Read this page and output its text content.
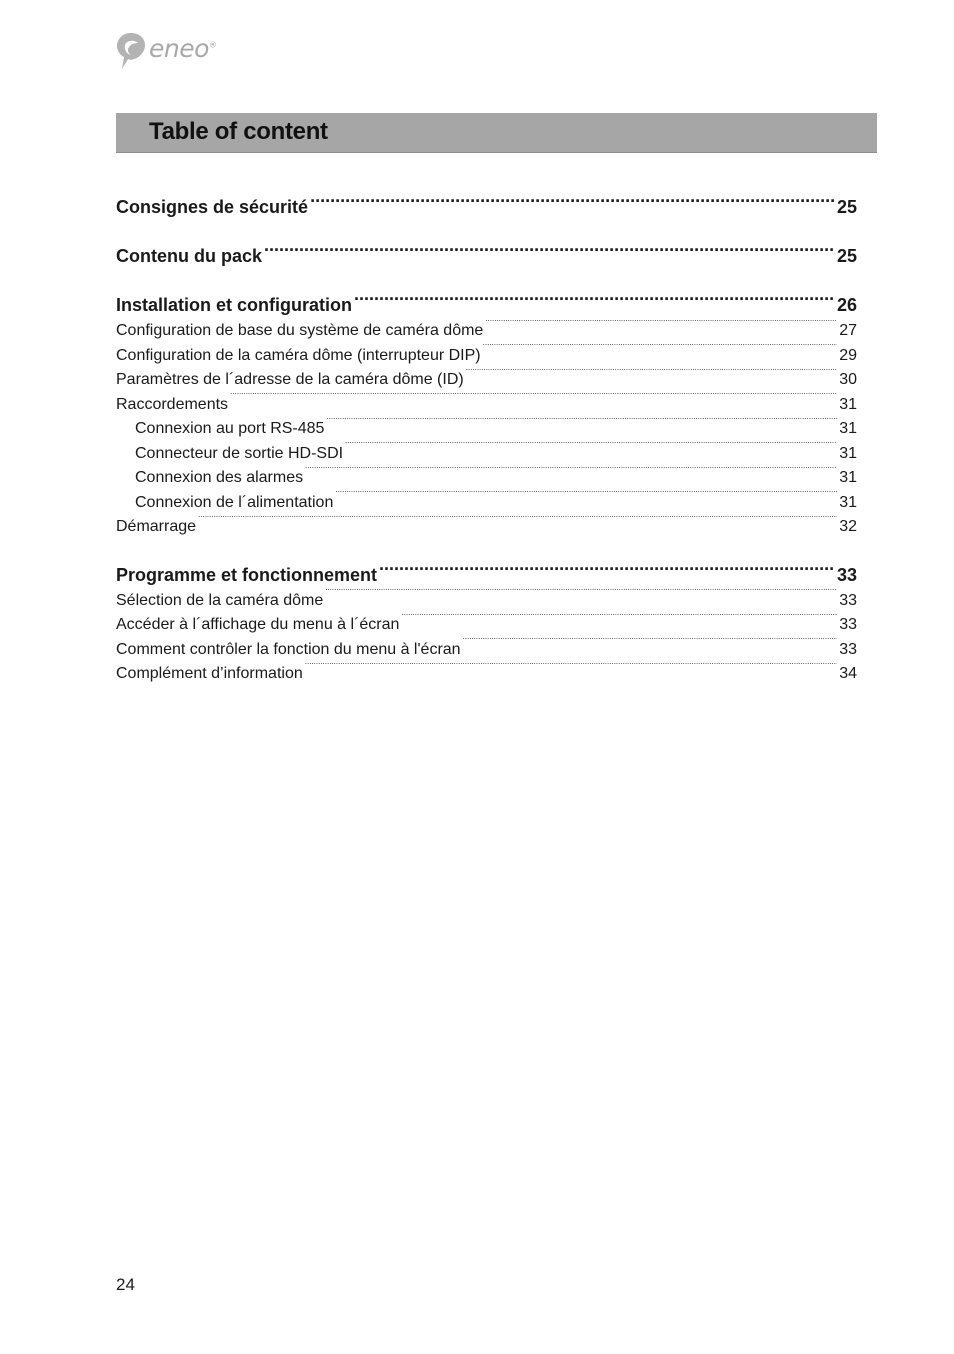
eneo®
Table of content
Consignes de sécurité .....	25
Contenu du pack .....	25
Installation et configuration .....	26
Configuration de base du système de caméra dôme .....	27
Configuration de la caméra dôme (interrupteur DIP) .....	29
Paramètres de l´adresse de la caméra dôme (ID) .....	30
Raccordements .....	31
Connexion au port RS-485 .....	31
Connecteur de sortie HD-SDI .....	31
Connexion des alarmes .....	31
Connexion de l´alimentation .....	31
Démarrage .....	32
Programme et fonctionnement .....	33
Sélection de la caméra dôme .....	33
Accéder à l´affichage du menu à l´écran .....	33
Comment contrôler la fonction du menu à l'écran .....	33
Complément d’information .....	34
24
